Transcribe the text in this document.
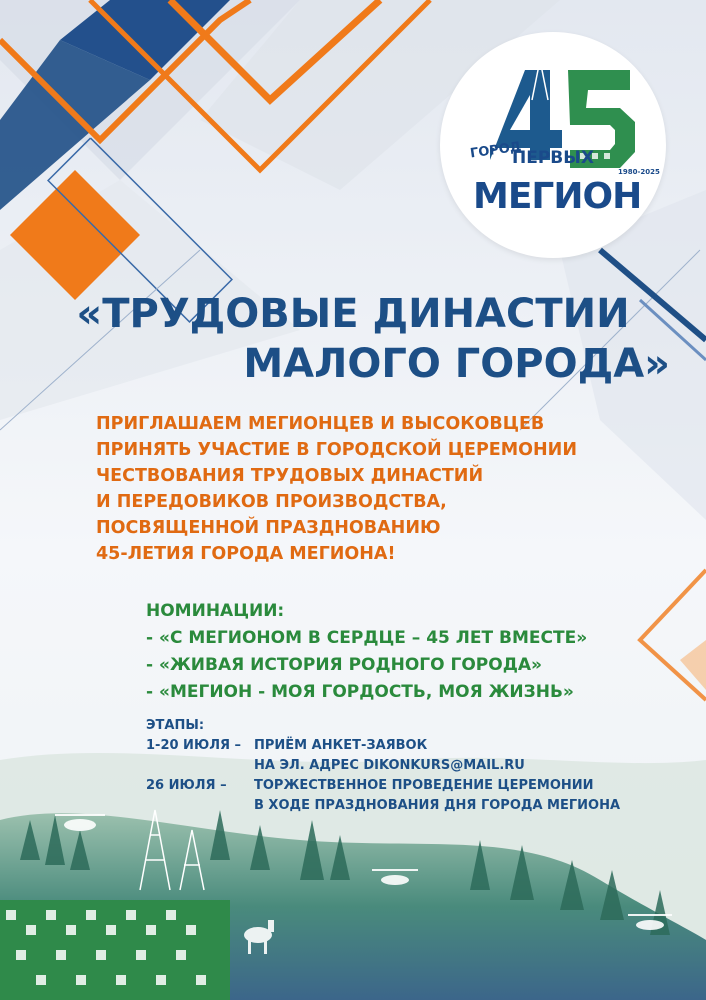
ГОРОД
ПЕРВЫХ
1980-2025
МЕГИОН
«ТРУДОВЫЕ ДИНАСТИИ
МАЛОГО ГОРОДА»
ПРИГЛАШАЕМ МЕГИОНЦЕВ И ВЫСОКОВЦЕВ
ПРИНЯТЬ УЧАСТИЕ В ГОРОДСКОЙ ЦЕРЕМОНИИ
ЧЕСТВОВАНИЯ ТРУДОВЫХ ДИНАСТИЙ
И ПЕРЕДОВИКОВ ПРОИЗВОДСТВА,
ПОСВЯЩЕННОЙ ПРАЗДНОВАНИЮ
45-ЛЕТИЯ ГОРОДА МЕГИОНА!
НОМИНАЦИИ:
- «С МЕГИОНОМ В СЕРДЦЕ – 45 ЛЕТ ВМЕСТЕ»
- «ЖИВАЯ ИСТОРИЯ РОДНОГО ГОРОДА»
- «МЕГИОН - МОЯ ГОРДОСТЬ, МОЯ ЖИЗНЬ»
ЭТАПЫ:
1-20 ИЮЛЯ – ПРИЁМ АНКЕТ-ЗАЯВОК
НА ЭЛ. АДРЕС DIKONKURS@MAIL.RU
26 ИЮЛЯ –	ТОРЖЕСТВЕННОЕ ПРОВЕДЕНИЕ ЦЕРЕМОНИИ
В ХОДЕ ПРАЗДНОВАНИЯ ДНЯ ГОРОДА МЕГИОНА
